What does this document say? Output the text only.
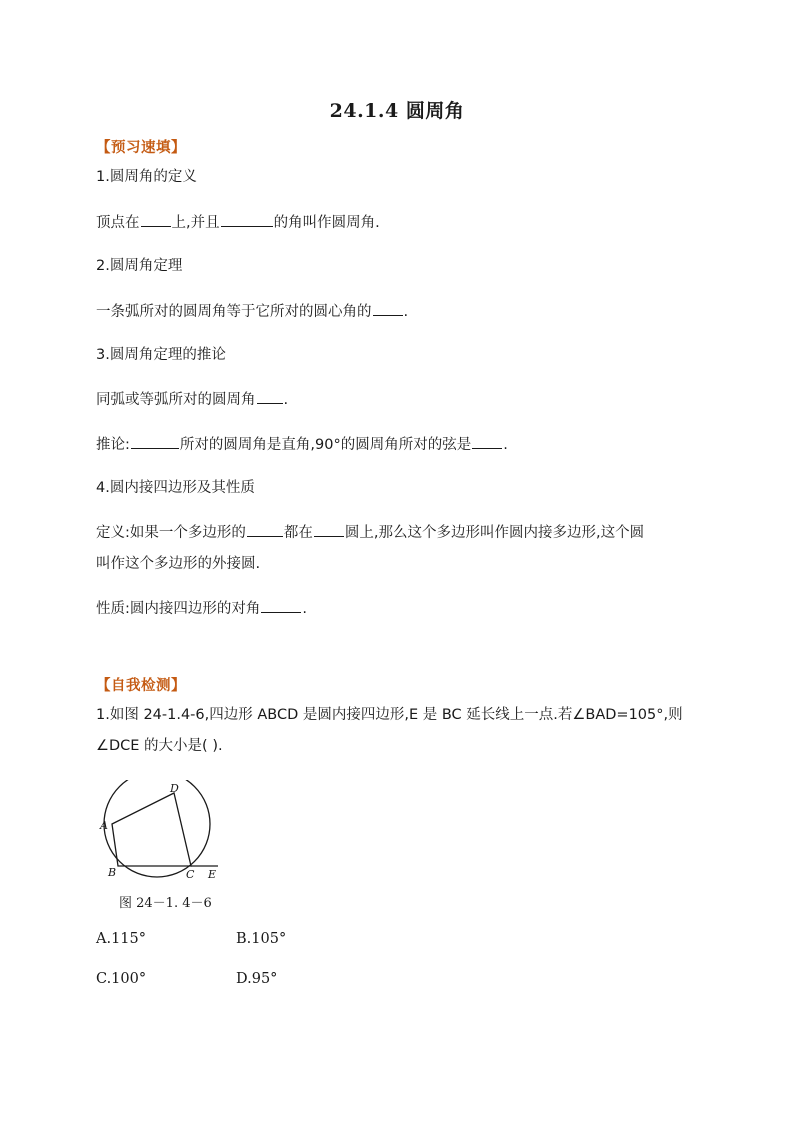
24.1.4 圆周角
【预习速填】
1.圆周角的定义
顶点在 上,并且	的角叫作圆周角.
2.圆周角定理
一条弧所对的圆周角等于它所对的圆心角的 .
3.圆周角定理的推论
同弧或等弧所对的圆周角 .
推论:	所对的圆周角是直角,90°的圆周角所对的弦是 .
4.圆内接四边形及其性质
定义:如果一个多边形的	都在 圆上,那么这个多边形叫作圆内接多边形,这个圆
叫作这个多边形的外接圆.
性质:圆内接四边形的对角	.
【自我检测】
1.如图 24-1.4-6,四边形 ABCD 是圆内接四边形,E 是 BC 延长线上一点.若∠BAD=105°,则
∠DCE 的大小是( ).
A
B	C
D
E
图 24－1. 4－6
A.115°	B.105°
C.100°	D.95°
